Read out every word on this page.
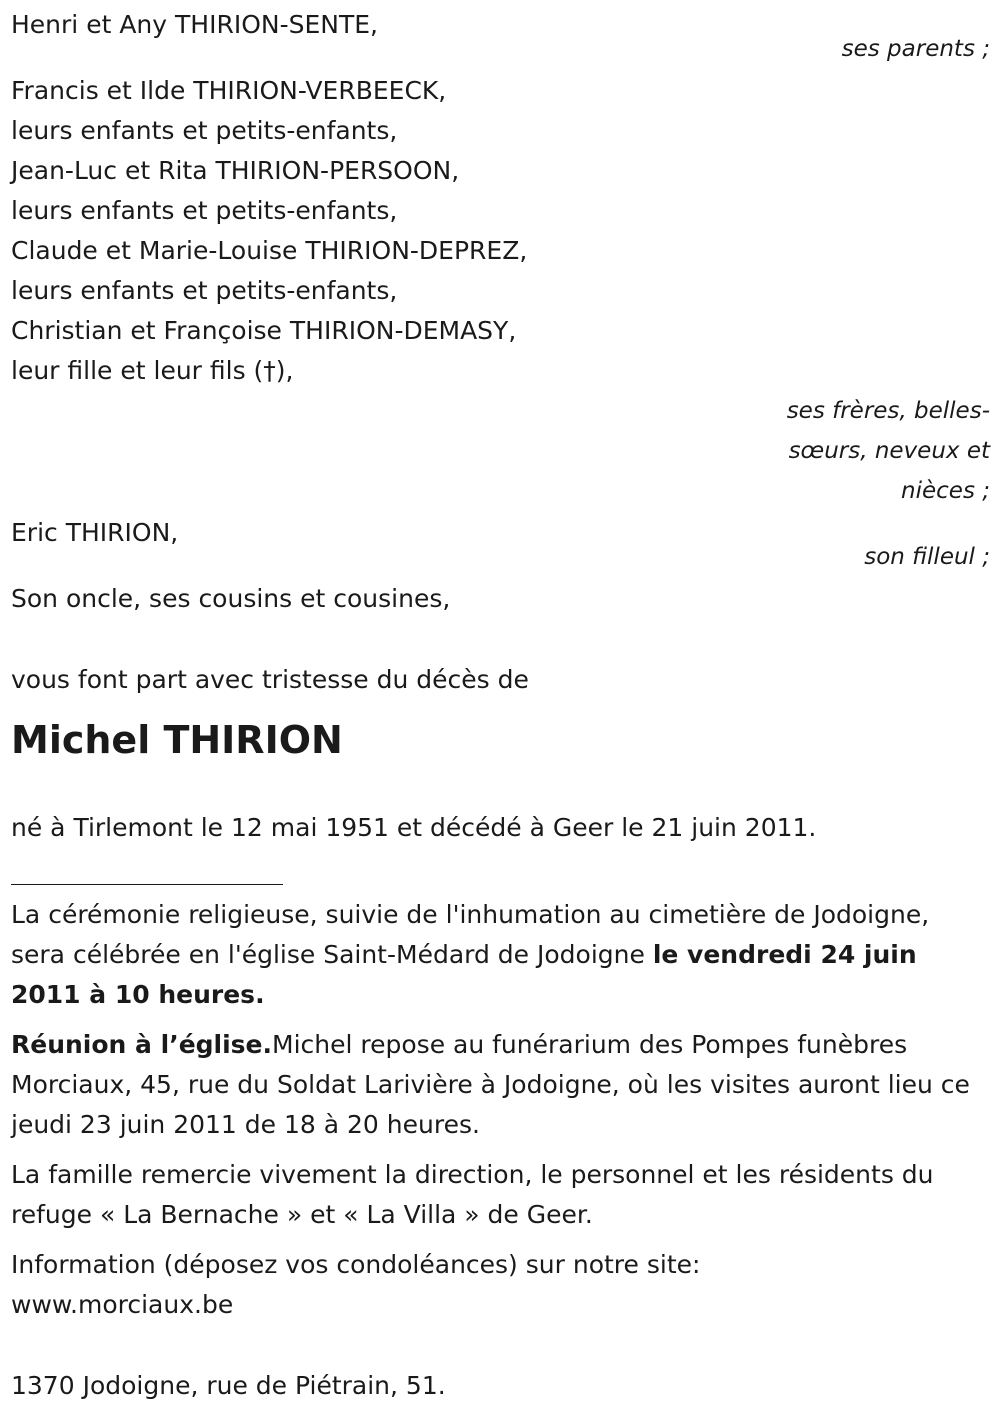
Henri et Any THIRION-SENTE,
ses parents ;
Francis et Ilde THIRION-VERBEECK,
leurs enfants et petits-enfants,
Jean-Luc et Rita THIRION-PERSOON,
leurs enfants et petits-enfants,
Claude et Marie-Louise THIRION-DEPREZ,
leurs enfants et petits-enfants,
Christian et Françoise THIRION-DEMASY,
leur fille et leur fils (†),
ses frères, belles-
sœurs, neveux et
nièces ;
Eric THIRION,
son filleul ;
Son oncle, ses cousins et cousines,
vous font part avec tristesse du décès de
Michel THIRION
né à Tirlemont le 12 mai 1951 et décédé à Geer le 21 juin 2011.
La cérémonie religieuse, suivie de l'inhumation au cimetière de Jodoigne, sera célébrée en l'église Saint-Médard de Jodoigne le vendredi 24 juin 2011 à 10 heures.
Réunion à l’église.Michel repose au funérarium des Pompes funèbres Morciaux, 45, rue du Soldat Larivière à Jodoigne, où les visites auront lieu ce jeudi 23 juin 2011 de 18 à 20 heures.
La famille remercie vivement la direction, le personnel et les résidents du refuge « La Bernache » et « La Villa » de Geer.
Information (déposez vos condoléances) sur notre site:
www.morciaux.be
1370 Jodoigne, rue de Piétrain, 51.
